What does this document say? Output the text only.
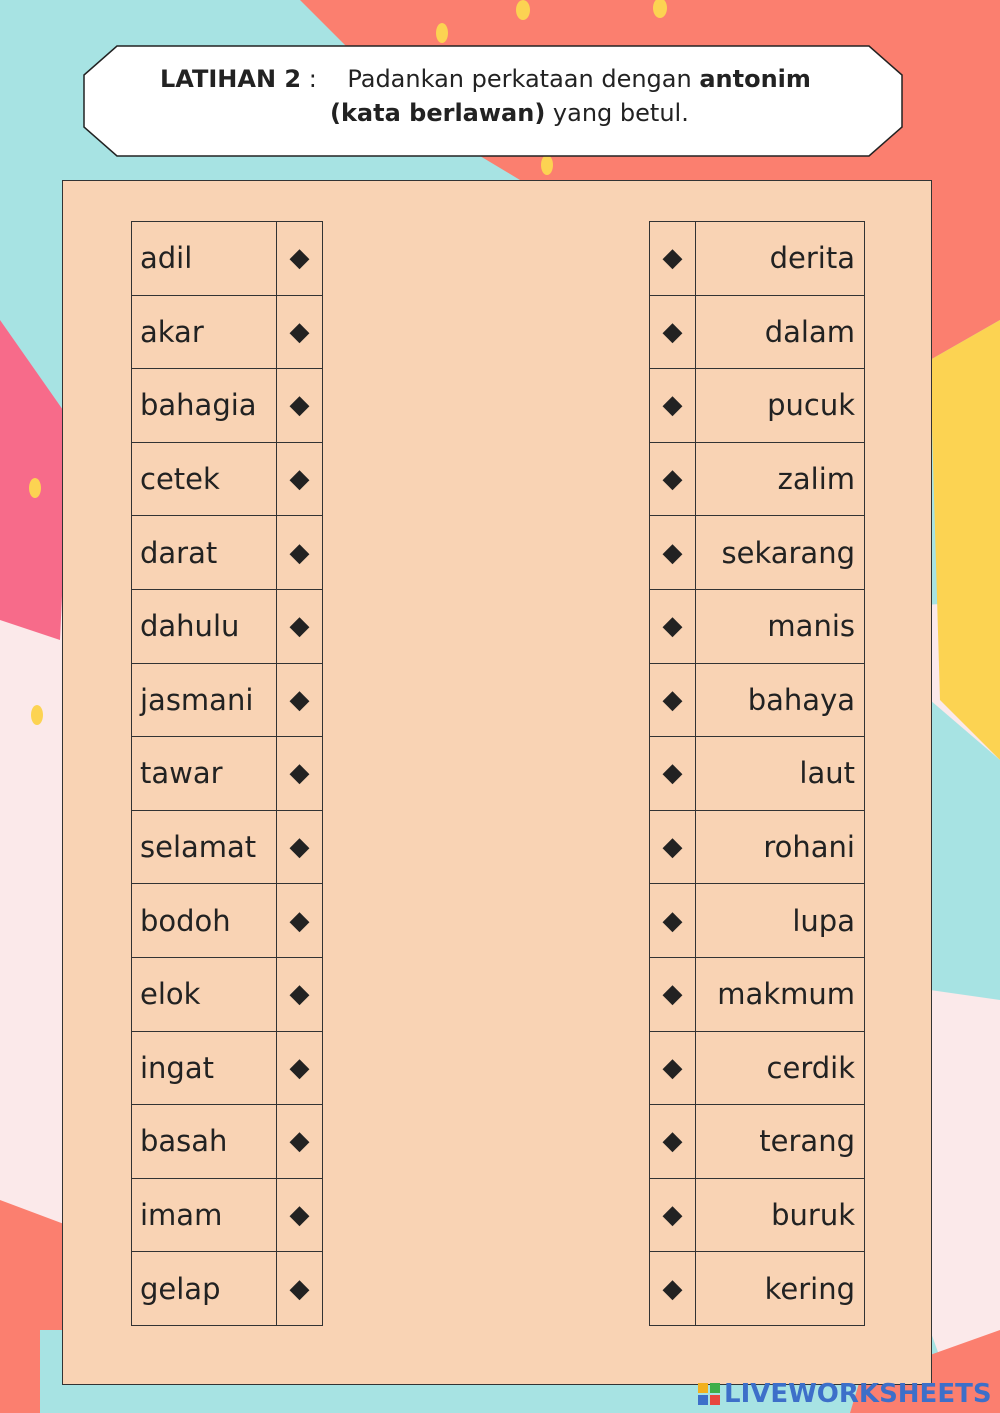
LATIHAN 2 : Padankan perkataan dengan antonim
(kata berlawan) yang betul.
adil	◆
akar	◆
bahagia	◆
cetek	◆
darat	◆
dahulu	◆
jasmani	◆
tawar	◆
selamat	◆
bodoh	◆
elok	◆
ingat	◆
basah	◆
imam	◆
gelap	◆
◆	derita
◆	dalam
◆	pucuk
◆	zalim
◆	sekarang
◆	manis
◆	bahaya
◆	laut
◆	rohani
◆	lupa
◆	makmum
◆	cerdik
◆	terang
◆	buruk
◆	kering
LIVEWORKSHEETS
